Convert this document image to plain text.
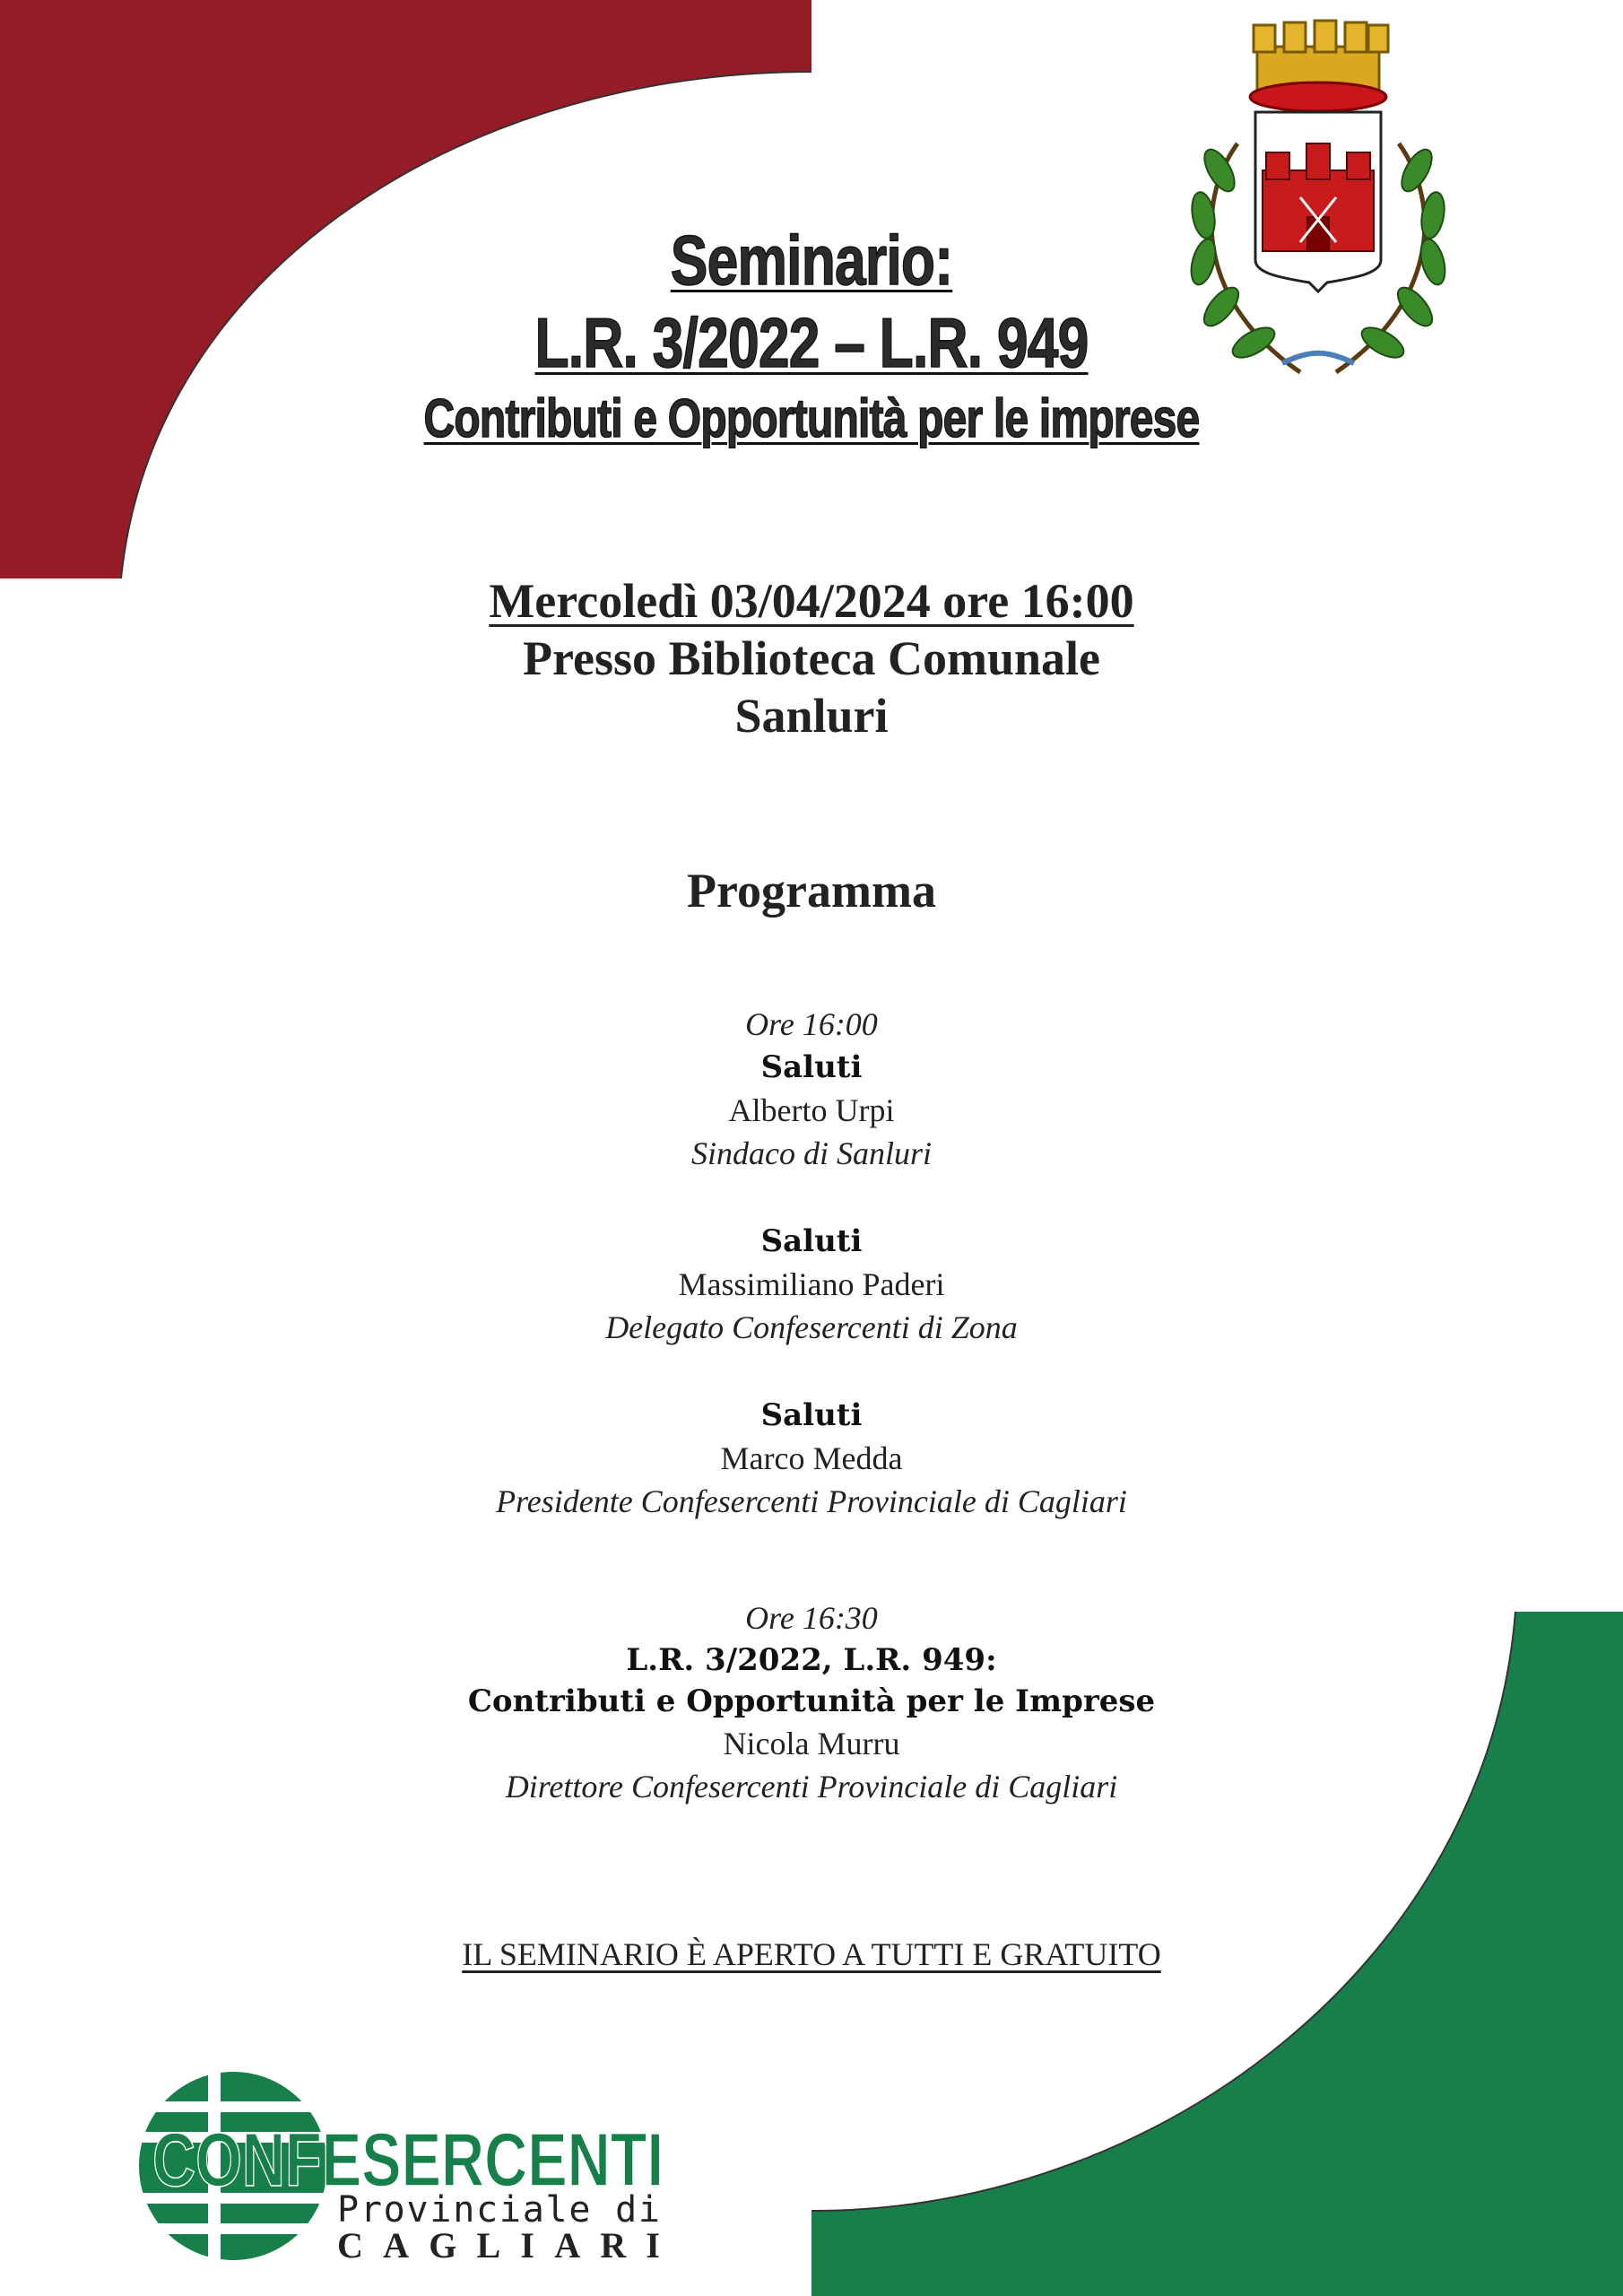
Seminario:
L.R. 3/2022 – L.R. 949
Contributi e Opportunità per le imprese
Mercoledì 03/04/2024 ore 16:00
Presso Biblioteca Comunale
Sanluri
Programma
Ore 16:00
Saluti
Alberto Urpi
Sindaco di Sanluri
Saluti
Massimiliano Paderi
Delegato Confesercenti di Zona
Saluti
Marco Medda
Presidente Confesercenti Provinciale di Cagliari
Ore 16:30
L.R. 3/2022, L.R. 949:
Contributi e Opportunità per le Imprese
Nicola Murru
Direttore Confesercenti Provinciale di Cagliari
IL SEMINARIO È APERTO A TUTTI E GRATUITO
CONFESERCENTI
Provinciale di
CAGLIARI
